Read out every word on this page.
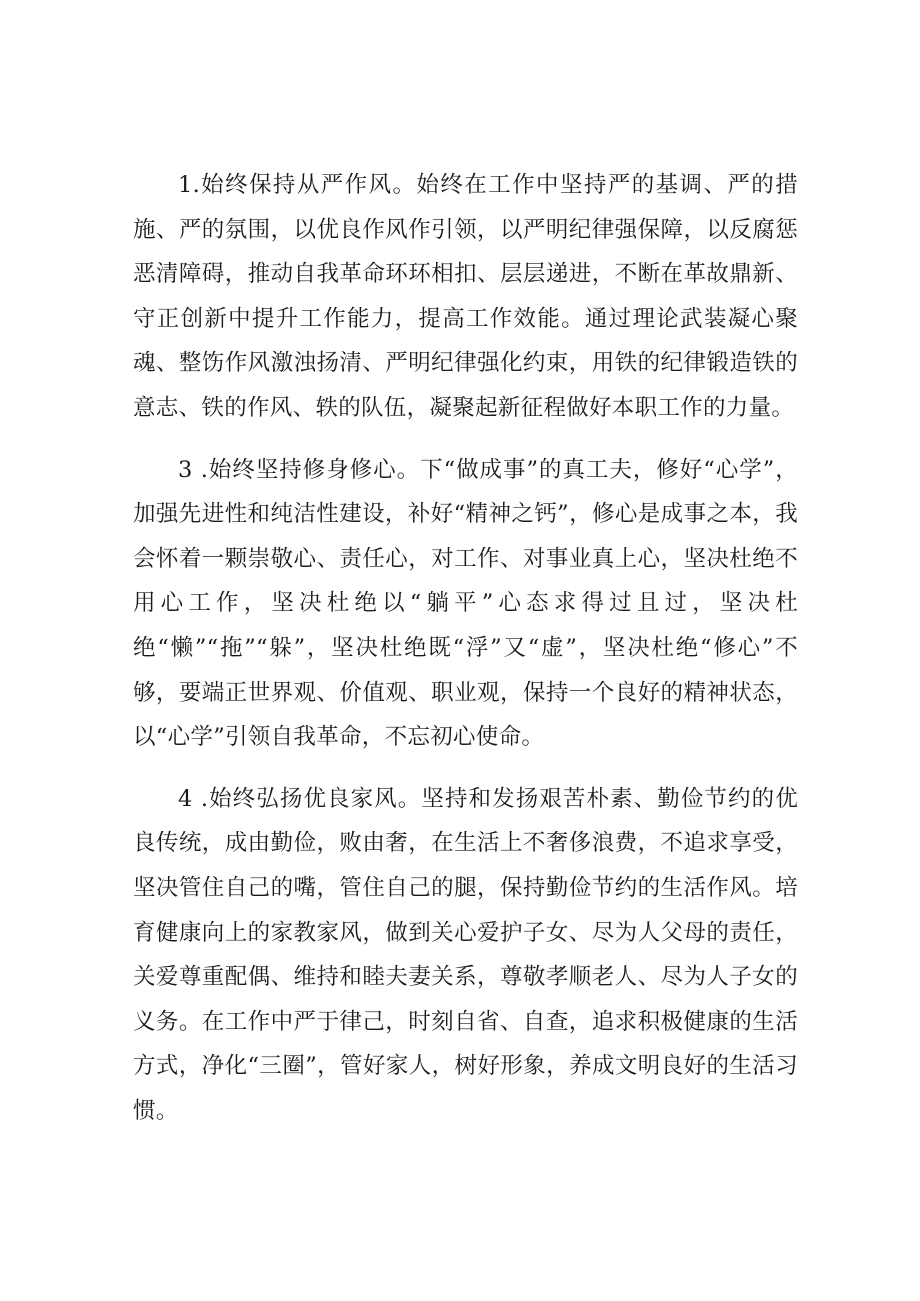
1.始终保持从严作风。始终在工作中坚持严的基调、严的措施、严的氛围，以优良作风作引领，以严明纪律强保障，以反腐惩恶清障碍，推动自我革命环环相扣、层层递进，不断在革故鼎新、守正创新中提升工作能力，提高工作效能。通过理论武装凝心聚魂、整饬作风激浊扬清、严明纪律强化约束，用铁的纪律锻造铁的意志、铁的作风、轶的队伍，凝聚起新征程做好本职工作的力量。

3 .始终坚持修身修心。下“做成事”的真工夫，修好“心学”，加强先进性和纯洁性建设，补好“精神之钙”，修心是成事之本，我会怀着一颗崇敬心、责任心，对工作、对事业真上心，坚决杜绝不用心工作，坚决杜绝以“躺平”心态求得过且过，坚决杜绝“懒”“拖”“躲”，坚决杜绝既“浮”又“虚”，坚决杜绝“修心”不够，要端正世界观、价值观、职业观，保持一个良好的精神状态，以“心学”引领自我革命，不忘初心使命。

4 .始终弘扬优良家风。坚持和发扬艰苦朴素、勤俭节约的优良传统，成由勤俭，败由奢，在生活上不奢侈浪费，不追求享受，坚决管住自己的嘴，管住自己的腿，保持勤俭节约的生活作风。培育健康向上的家教家风，做到关心爱护子女、尽为人父母的责任，关爱尊重配偶、维持和睦夫妻关系，尊敬孝顺老人、尽为人子女的义务。在工作中严于律己，时刻自省、自查，追求积极健康的生活方式，净化“三圈”，管好家人，树好形象，养成文明良好的生活习惯。
